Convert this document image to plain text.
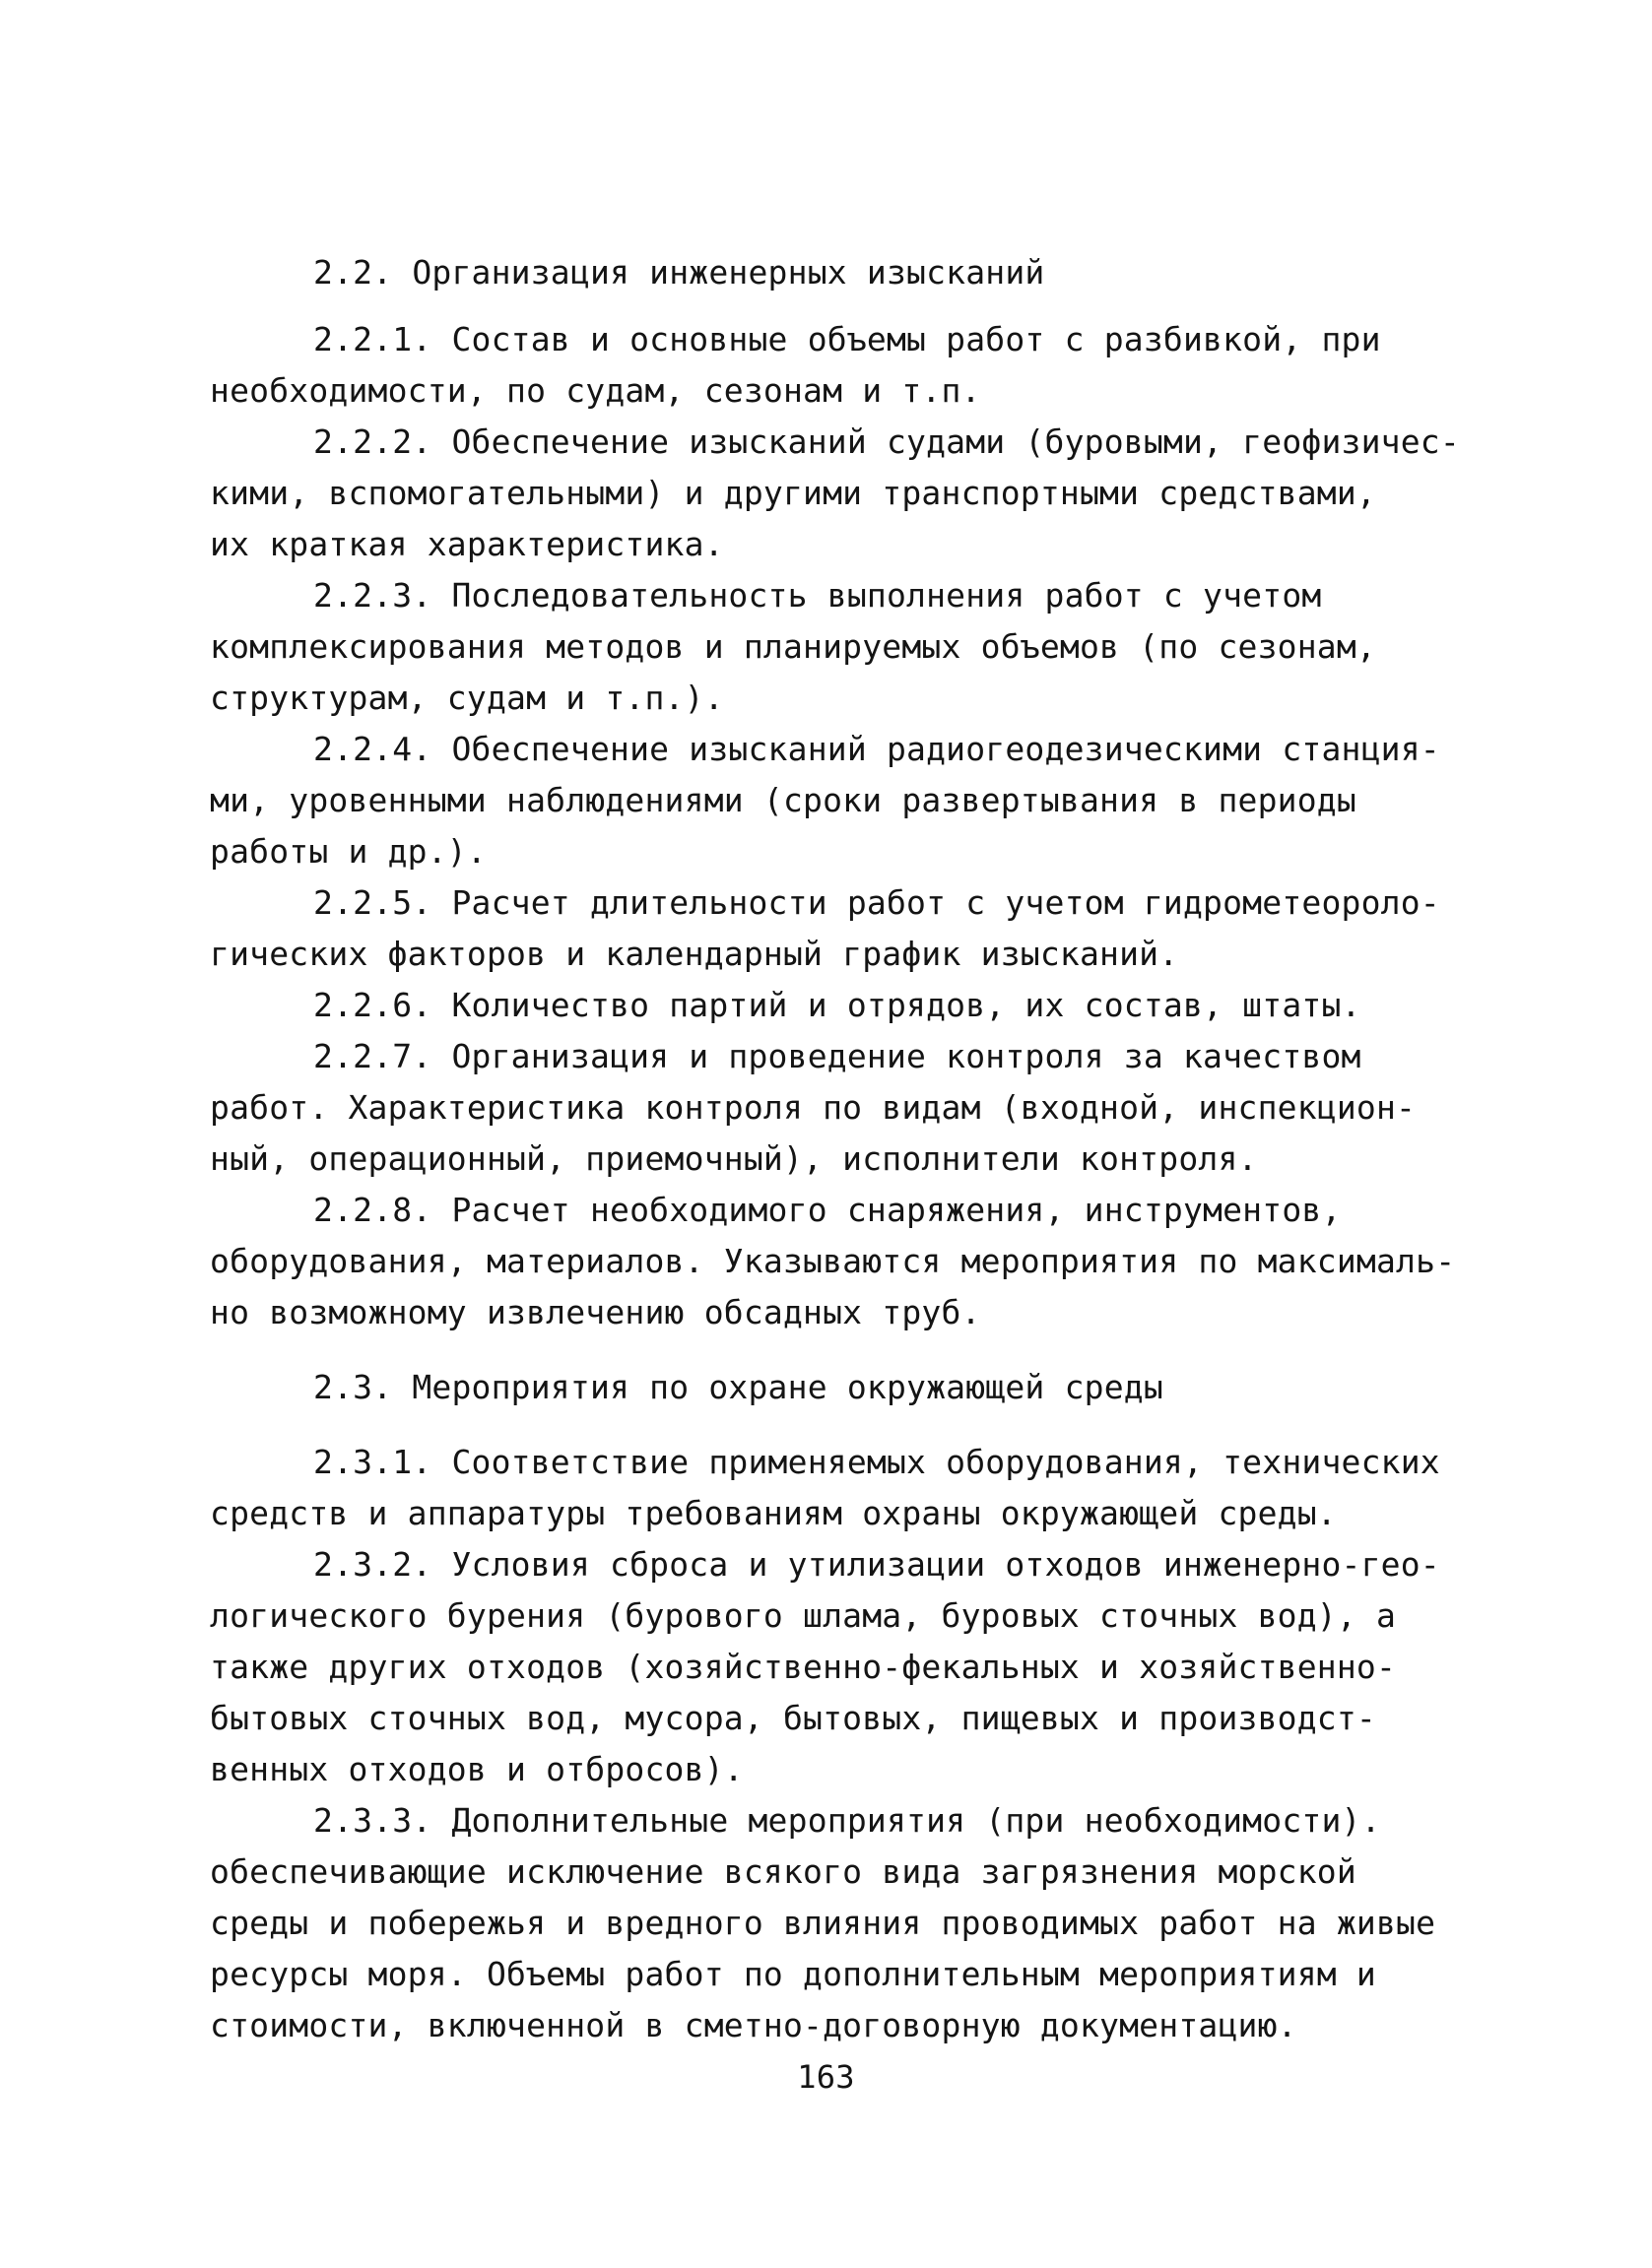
2.2. Организация инженерных изысканий
2.2.1. Состав и основные объемы работ с разбивкой, при
необходимости, по судам, сезонам и т.п.
2.2.2. Обеспечение изысканий судами (буровыми, геофизичес-
кими, вспомогательными) и другими транспортными средствами,
их краткая характеристика.
2.2.3. Последовательность выполнения работ с учетом
комплексирования методов и планируемых объемов (по сезонам,
структурам, судам и т.п.).
2.2.4. Обеспечение изысканий радиогеодезическими станция-
ми, уровенными наблюдениями (сроки развертывания в периоды
работы и др.).
2.2.5. Расчет длительности работ с учетом гидрометеороло-
гических факторов и календарный график изысканий.
2.2.6. Количество партий и отрядов, их состав, штаты.
2.2.7. Организация и проведение контроля за качеством
работ. Характеристика контроля по видам (входной, инспекцион-
ный, операционный, приемочный), исполнители контроля.
2.2.8. Расчет необходимого снаряжения, инструментов,
оборудования, материалов. Указываются мероприятия по максималь-
но возможному извлечению обсадных труб.
2.3. Мероприятия по охране окружающей среды
2.3.1. Соответствие применяемых оборудования, технических
средств и аппаратуры требованиям охраны окружающей среды.
2.3.2. Условия сброса и утилизации отходов инженерно-гео-
логического бурения (бурового шлама, буровых сточных вод), а
также других отходов (хозяйственно-фекальных и хозяйственно-
бытовых сточных вод, мусора, бытовых, пищевых и производст-
венных отходов и отбросов).
2.3.3. Дополнительные мероприятия (при необходимости).
обеспечивающие исключение всякого вида загрязнения морской
среды и побережья и вредного влияния проводимых работ на живые
ресурсы моря. Объемы работ по дополнительным мероприятиям и
стоимости, включенной в сметно-договорную документацию.
163
